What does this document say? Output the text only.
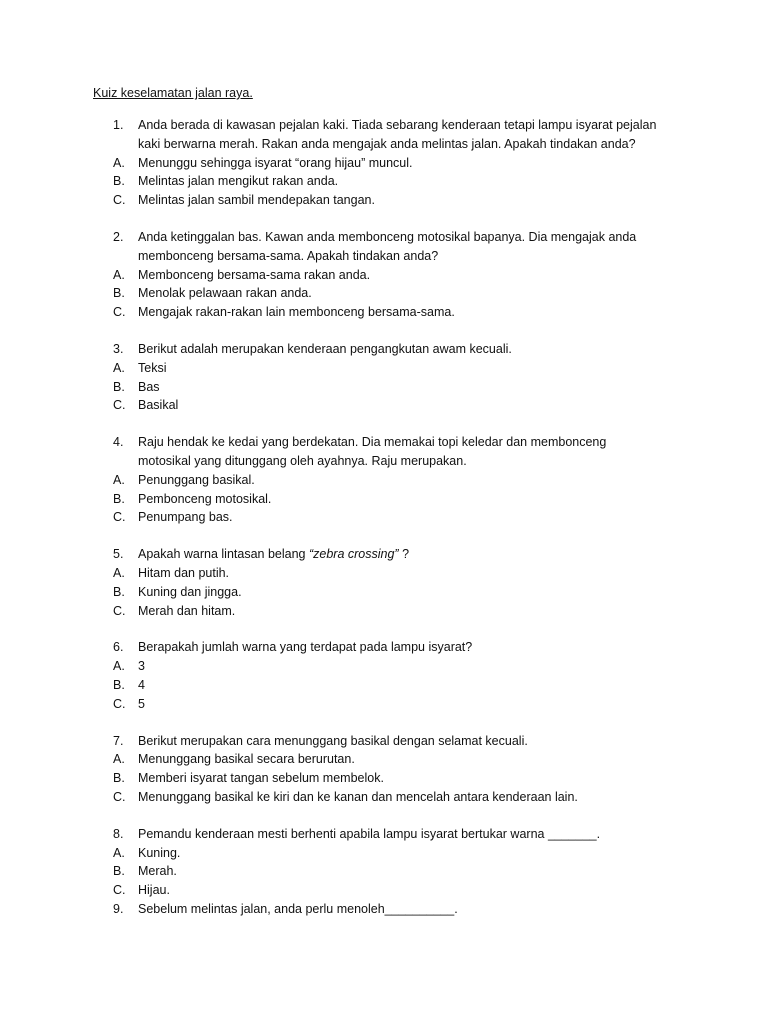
Kuiz keselamatan jalan raya.
1.	Anda berada di kawasan pejalan kaki. Tiada sebarang kenderaan tetapi lampu isyarat pejalan
kaki berwarna merah. Rakan anda mengajak anda melintas jalan. Apakah tindakan anda?
A.	Menunggu sehingga isyarat “orang hijau” muncul.
B.	Melintas jalan mengikut rakan anda.
C.	Melintas jalan sambil mendepakan tangan.
2.	Anda ketinggalan bas. Kawan anda membonceng motosikal bapanya. Dia mengajak anda
membonceng bersama-sama. Apakah tindakan anda?
A.	Membonceng bersama-sama rakan anda.
B.	Menolak pelawaan rakan anda.
C.	Mengajak rakan-rakan lain membonceng bersama-sama.
3.	Berikut adalah merupakan kenderaan pengangkutan awam kecuali.
A.	Teksi
B.	Bas
C.	Basikal
4.	Raju hendak ke kedai yang berdekatan. Dia memakai topi keledar dan membonceng
motosikal yang ditunggang oleh ayahnya. Raju merupakan.
A.	Penunggang basikal.
B.	Pembonceng motosikal.
C.	Penumpang bas.
5.	Apakah warna lintasan belang “zebra crossing” ?
A.	Hitam dan putih.
B.	Kuning dan jingga.
C.	Merah dan hitam.
6.	Berapakah jumlah warna yang terdapat pada lampu isyarat?
A.	3
B.	4
C.	5
7.	Berikut merupakan cara menunggang basikal dengan selamat kecuali.
A.	Menunggang basikal secara berurutan.
B.	Memberi isyarat tangan sebelum membelok.
C.	Menunggang basikal ke kiri dan ke kanan dan mencelah antara kenderaan lain.
8.	Pemandu kenderaan mesti berhenti apabila lampu isyarat bertukar warna _______.
A.	Kuning.
B.	Merah.
C.	Hijau.
9.	Sebelum melintas jalan, anda perlu menoleh__________.
